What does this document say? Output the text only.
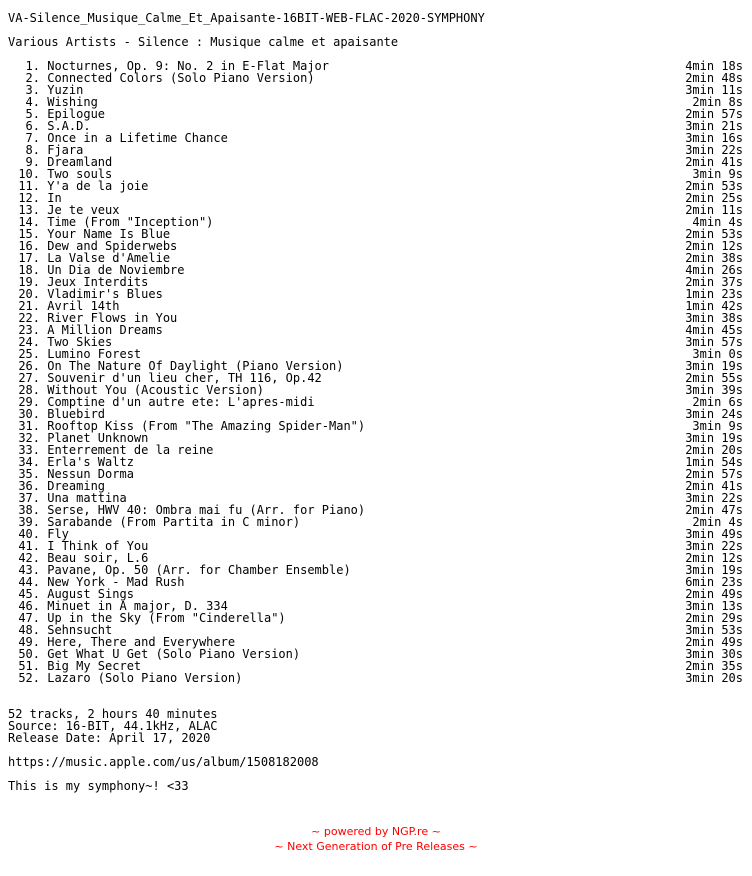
VA-Silence_Musique_Calme_Et_Apaisante-16BIT-WEB-FLAC-2020-SYMPHONY
Various Artists - Silence : Musique calme et apaisante
1. Nocturnes, Op. 9: No. 2 in E-Flat Major	4min 18s
2. Connected Colors (Solo Piano Version)	2min 48s
3. Yuzin	3min 11s
4. Wishing	2min 8s
5. Epilogue	2min 57s
6. S.A.D.	3min 21s
7. Once in a Lifetime Chance	3min 16s
8. Fjara	3min 22s
9. Dreamland	2min 41s
10. Two souls	3min 9s
11. Y'a de la joie	2min 53s
12. In	2min 25s
13. Je te veux	2min 11s
14. Time (From "Inception")	4min 4s
15. Your Name Is Blue	2min 53s
16. Dew and Spiderwebs	2min 12s
17. La Valse d'Amelie	2min 38s
18. Un Dia de Noviembre	4min 26s
19. Jeux Interdits	2min 37s
20. Vladimir's Blues	1min 23s
21. Avril 14th	1min 42s
22. River Flows in You	3min 38s
23. A Million Dreams	4min 45s
24. Two Skies	3min 57s
25. Lumino Forest	3min 0s
26. On The Nature Of Daylight (Piano Version)	3min 19s
27. Souvenir d'un lieu cher, TH 116, Op.42	2min 55s
28. Without You (Acoustic Version)	3min 39s
29. Comptine d'un autre ete: L'apres-midi	2min 6s
30. Bluebird	3min 24s
31. Rooftop Kiss (From "The Amazing Spider-Man")	3min 9s
32. Planet Unknown	3min 19s
33. Enterrement de la reine	2min 20s
34. Erla's Waltz	1min 54s
35. Nessun Dorma	2min 57s
36. Dreaming	2min 41s
37. Una mattina	3min 22s
38. Serse, HWV 40: Ombra mai fu (Arr. for Piano)	2min 47s
39. Sarabande (From Partita in C minor)	2min 4s
40. Fly	3min 49s
41. I Think of You	3min 22s
42. Beau soir, L.6	2min 12s
43. Pavane, Op. 50 (Arr. for Chamber Ensemble)	3min 19s
44. New York - Mad Rush	6min 23s
45. August Sings	2min 49s
46. Minuet in A major, D. 334	3min 13s
47. Up in the Sky (From "Cinderella")	2min 29s
48. Sehnsucht	3min 53s
49. Here, There and Everywhere	2min 49s
50. Get What U Get (Solo Piano Version)	3min 30s
51. Big My Secret	2min 35s
52. Lazaro (Solo Piano Version)	3min 20s
52 tracks, 2 hours 40 minutes
Source: 16-BIT, 44.1kHz, ALAC
Release Date: April 17, 2020
https://music.apple.com/us/album/1508182008
This is my symphony~! <33
~ powered by NGP.re ~
~ Next Generation of Pre Releases ~
